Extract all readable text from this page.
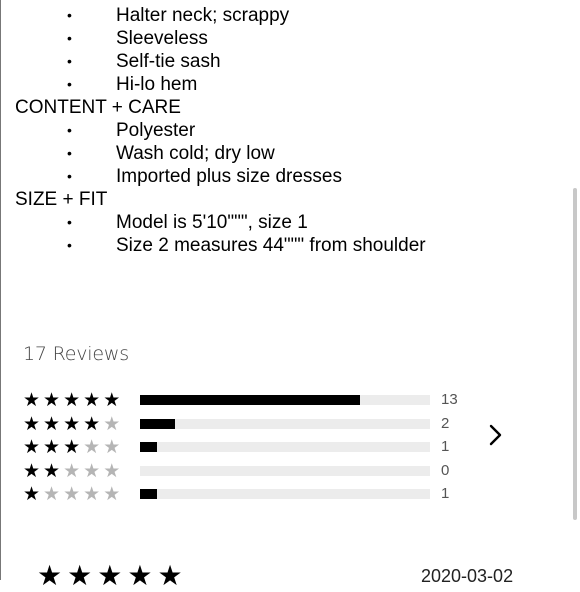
• Halter neck; scrappy
• Sleeveless
• Self-tie sash
• Hi-lo hem
CONTENT + CARE
• Polyester
• Wash cold; dry low
• Imported plus size dresses
SIZE + FIT
• Model is 5'10""", size 1
• Size 2 measures 44""" from shoulder
17 Reviews
★★★★★	13
★★★★★	2
★★★★★	1
★★★★★	0
★★★★★	1
★★★★★	2020-03-02
